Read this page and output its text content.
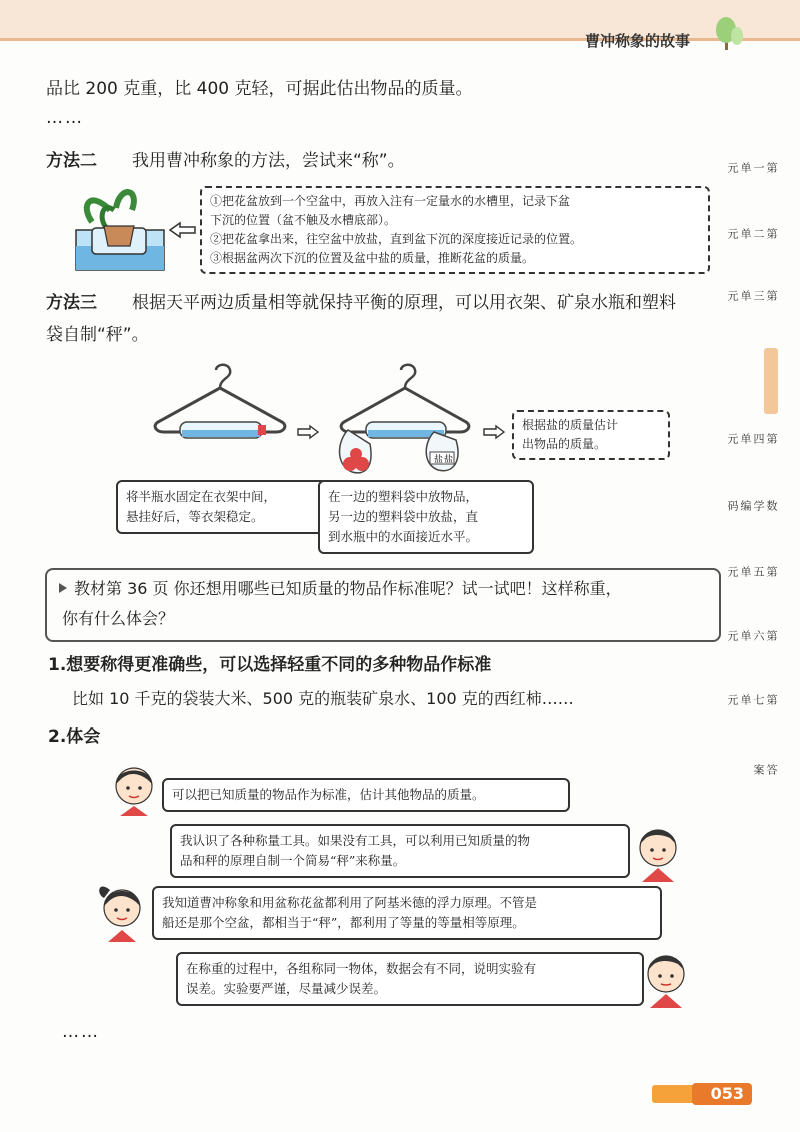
曹冲称象的故事
第一单元
第二单元
第三单元
第四单元
数学编码
第五单元
第六单元
第七单元
答案
品比 200 克重，比 400 克轻，可据此估出物品的质量。
……
方法二 我用曹冲称象的方法，尝试来“称”。
①把花盆放到一个空盆中，再放入注有一定量水的水槽里，记录下盆
下沉的位置（盆不触及水槽底部）。
②把花盆拿出来，往空盆中放盐，直到盆下沉的深度接近记录的位置。
③根据盆两次下沉的位置及盆中盐的质量，推断花盆的质量。
方法三 根据天平两边质量相等就保持平衡的原理，可以用衣架、矿泉水瓶和塑料
袋自制“秤”。
盐 盐
根据盐的质量估计
出物品的质量。
将半瓶水固定在衣架中间，
悬挂好后，等衣架稳定。
在一边的塑料袋中放物品，
另一边的塑料袋中放盐，直
到水瓶中的水面接近水平。
教材第 36 页 你还想用哪些已知质量的物品作标准呢？试一试吧！这样称重，
你有什么体会？
1.想要称得更准确些，可以选择轻重不同的多种物品作标准
比如 10 千克的袋装大米、500 克的瓶装矿泉水、100 克的西红柿……
2.体会
可以把已知质量的物品作为标准，估计其他物品的质量。
我认识了各种称量工具。如果没有工具，可以利用已知质量的物
品和秤的原理自制一个简易“秤”来称量。
我知道曹冲称象和用盆称花盆都利用了阿基米德的浮力原理。不管是
船还是那个空盆，都相当于“秤”，都利用了等量的等量相等原理。
在称重的过程中，各组称同一物体，数据会有不同，说明实验有
误差。实验要严谨，尽量减少误差。
……
053
